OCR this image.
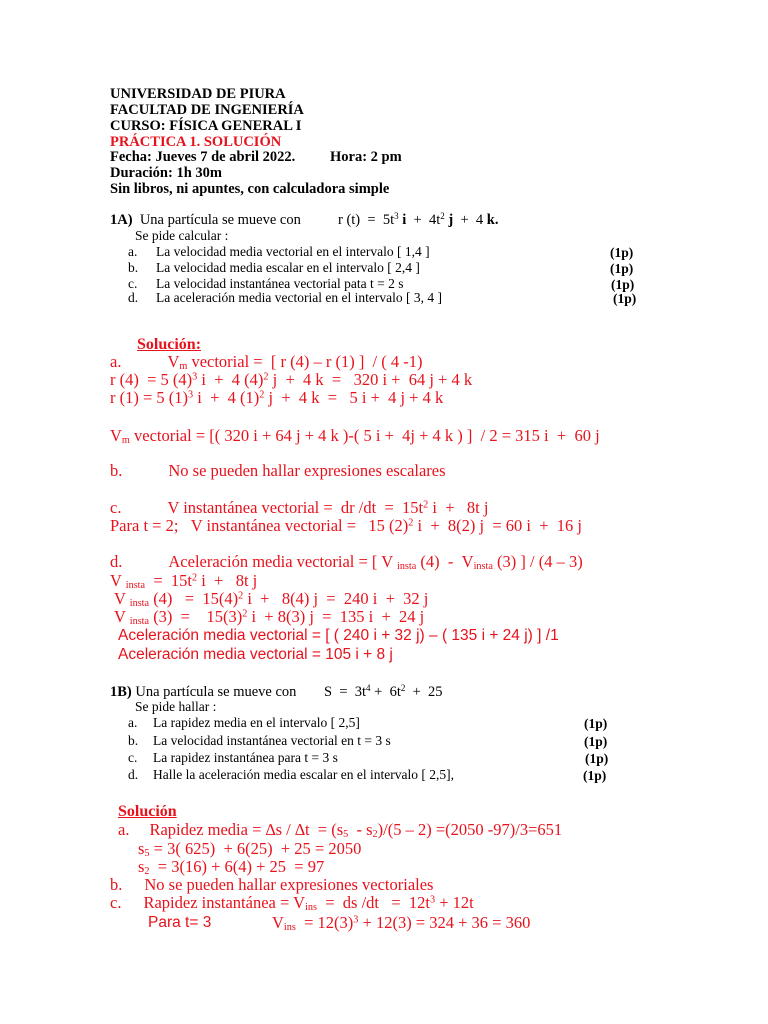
UNIVERSIDAD DE PIURA
FACULTAD DE INGENIERÍA
CURSO: FÍSICA GENERAL I
PRÁCTICA 1. SOLUCIÓN
Fecha: Jueves 7 de abril 2022. Hora: 2 pm
Duración: 1h 30m
Sin libros, ni apuntes, con calculadora simple
1A) Una partícula se mueve con	r $(t) = 5t^3$ $i + 4t^2$ j  +  4 k.
Se pide calcular :
a. La velocidad media vectorial en el intervalo [ 1,4 ]	(1p)
b. La velocidad media escalar en el intervalo [ 2,4 ]	(1p)
c. La velocidad instantánea vectorial pata t = 2 s	(1p)
d. La aceleración media vectorial en el intervalo [ 3, 4 ]	(1p)
Solución:
a.	$V_m$ vectorial =  [ r (4) – r (1) ]  / ( 4 -1)
r (4)  = 5 $(4)^3$ i  +  4 $(4)^2$ j  +  4 k  =   320 i +  64 j + 4 k
r (1) = 5 $(1)^3$ i  +  4 $(1)^2$ j  +  4 k  =   5 i +  4 j + 4 k
$V_m$ vectorial = [( 320 i + 64 j + 4 k )-( 5 i +  4j + 4 k ) ]  / 2 = 315 i  +  60 j
b.	No se pueden hallar expresiones escalares
c.	V instantánea vectorial =  dr $/dt = 15t^2$ i  +   8t j
Para t = 2;   V instantánea vectorial =   15 $(2)^2$ i  +  8(2) j  = 60 i  +  16 j
d.	Aceleración media vectorial = [ V $_{insta}$ $(4) - V_{insta}$ (3) ] / (4 – 3)
V $_{insta} = 15t^2$ i  +   8t j
V $_{insta}$ $(4) = 15(4)^2$ i  +   8(4) j  =  240 i  +  32 j
V $_{insta}$ (3)  =    $15(3)^2$ i  + 8(3) j  =  135 i  +  24 j
Aceleración media vectorial = [ ( 240 i + 32 j) – ( 135 i + 24 j) ] /1
Aceleración media vectorial = 105 i + 8 j
1B) Una partícula se mueve con $S = 3t^4 + 6t^2 + 25$
Se pide hallar :
a. La rapidez media en el intervalo [ 2,5]	(1p)
b. La velocidad instantánea vectorial en t = 3 s	(1p)
c. La rapidez instantánea para t = 3 s	(1p)
d. Halle la aceleración media escalar en el intervalo [ 2,5],	(1p)
Solución
a. Rapidez media = $\Delta s / \Delta t = (s_5 - s_2)/(5 - 2) =(2050$ -97)/3=651
$s_5 = 3$( 625)  + 6(25)  + 25 = 2050
$s_2 = 3(16) + 6(4) + 25 = 97$
b. No se pueden hallar expresiones vectoriales
c. Rapidez instantánea = $V_{ins}$  =  ds $/dt = 12t^3 + 12t$
Para t= 3	$V_{ins} = 12(3)^3 + 12(3) = 324 + 36 = 360$
